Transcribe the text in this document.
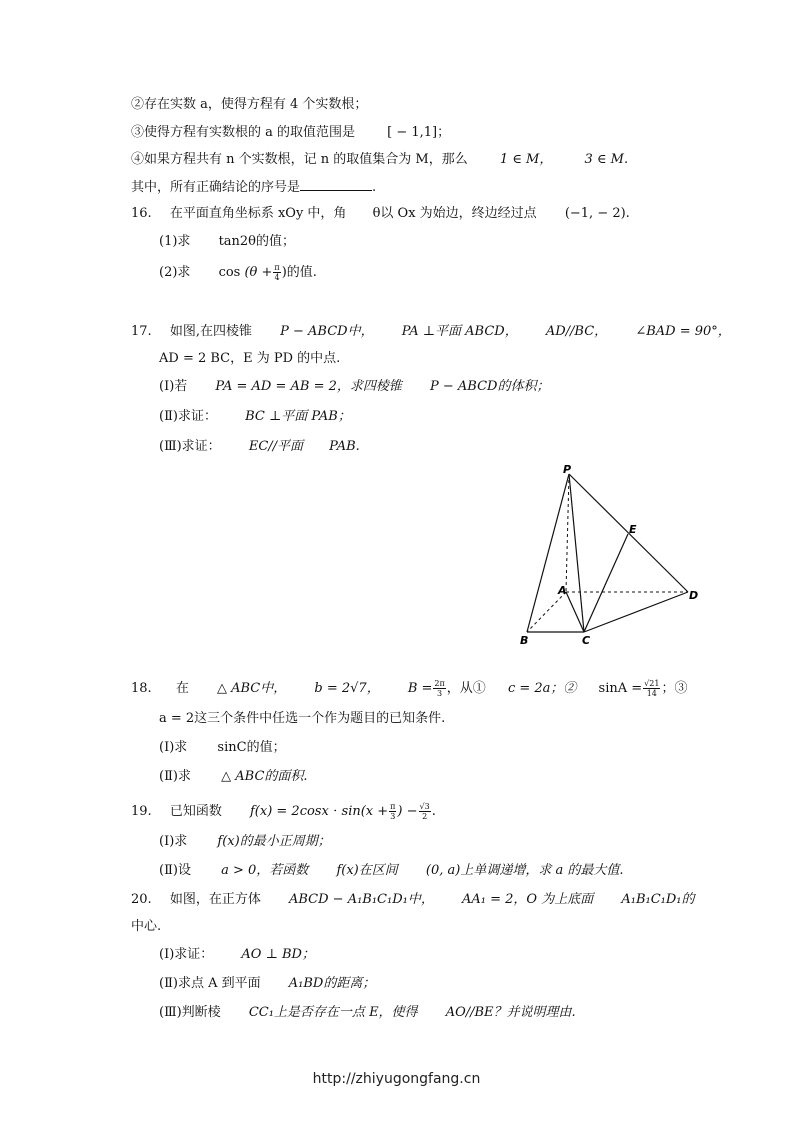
②存在实数 a，使得方程有 4 个实数根；
③使得方程有实数根的 a 的取值范围是 [ − 1,1]；
④如果方程共有 n 个实数根，记 n 的取值集合为 M，那么 1 ∈ M， 3 ∈ M.
其中，所有正确结论的序号是	.
16. 在平面直角坐标系 xOy 中，角 θ以 Ox 为始边，终边经过点 (−1, − 2).
(1)求 tan2θ的值；
(2)求 $\cos (\theta + \frac{\pi}{4}$ )的值.
17. 如图,在四棱锥 P − ABCD中， PA ⊥平面 ABCD， AD//BC， ∠BAD = 90°，
AD = 2 BC，E 为 PD 的中点.
(Ⅰ)若 PA = AD = AB = 2，求四棱锥 P − ABCD的体积；
(Ⅱ)求证： BC ⊥平面 PAB；
(Ⅲ)求证： EC//平面 PAB.
P
E
A	D
B	C
18. 在 △ ABC中， b = 2√7， $B = \frac{2\pi}{3}$ ，从① c = 2a；② $\sin A = \frac{√21}{14}$ ；③
a = 2这三个条件中任选一个作为题目的已知条件.
(Ⅰ)求 sinC的值；
(Ⅱ)求 △ ABC的面积.
19. 已知函数 $f(x) = 2\cos x \cdot \sin(x + \frac{\pi}{3}$ ) − $\frac{√3}{2}$ .
(Ⅰ)求 f(x)的最小正周期；
(Ⅱ)设 a > 0，若函数 f(x)在区间 (0, a)上单调递增，求 a 的最大值.
20. 如图，在正方体 ABCD − A₁B₁C₁D₁中， AA₁ = 2，O 为上底面 A₁B₁C₁D₁的
中心.
(Ⅰ)求证： AO ⊥ BD；
(Ⅱ)求点 A 到平面 A₁BD的距离；
(Ⅲ)判断棱 CC₁上是否存在一点 E，使得 AO//BE？并说明理由.
http://zhiyugongfang.cn
